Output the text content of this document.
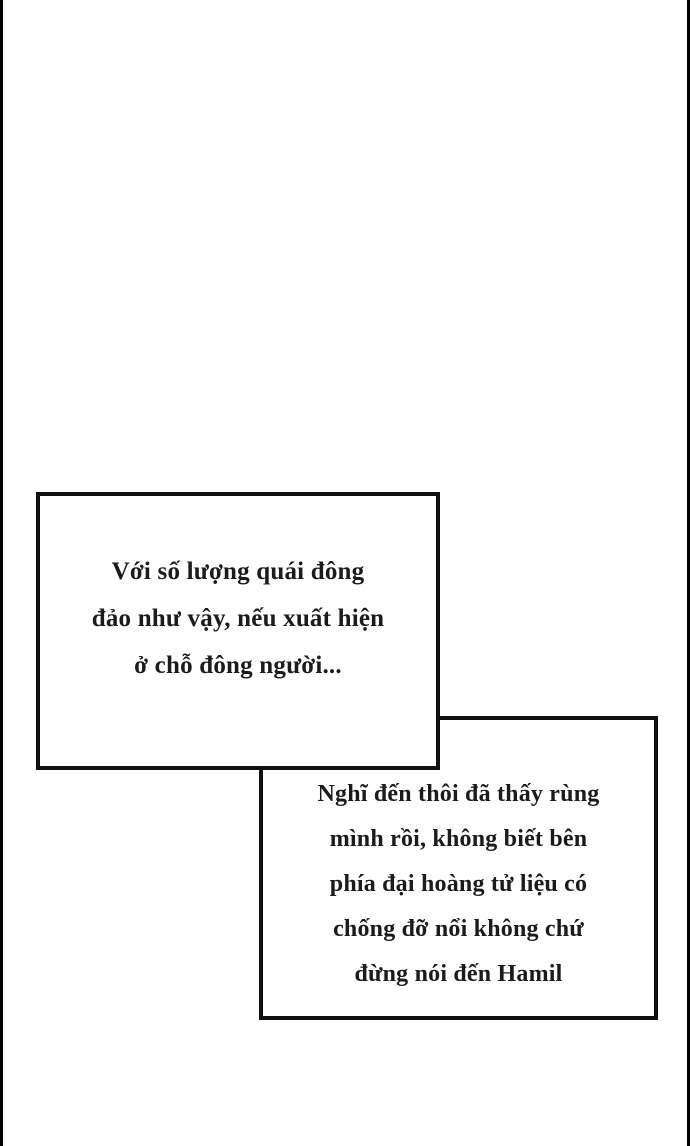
Nghĩ đến thôi đã thấy rùng
mình rồi, không biết bên
phía đại hoàng tử liệu có
chống đỡ nổi không chứ
đừng nói đến Hamil
Với số lượng quái đông
đảo như vậy, nếu xuất hiện
ở chỗ đông người...
